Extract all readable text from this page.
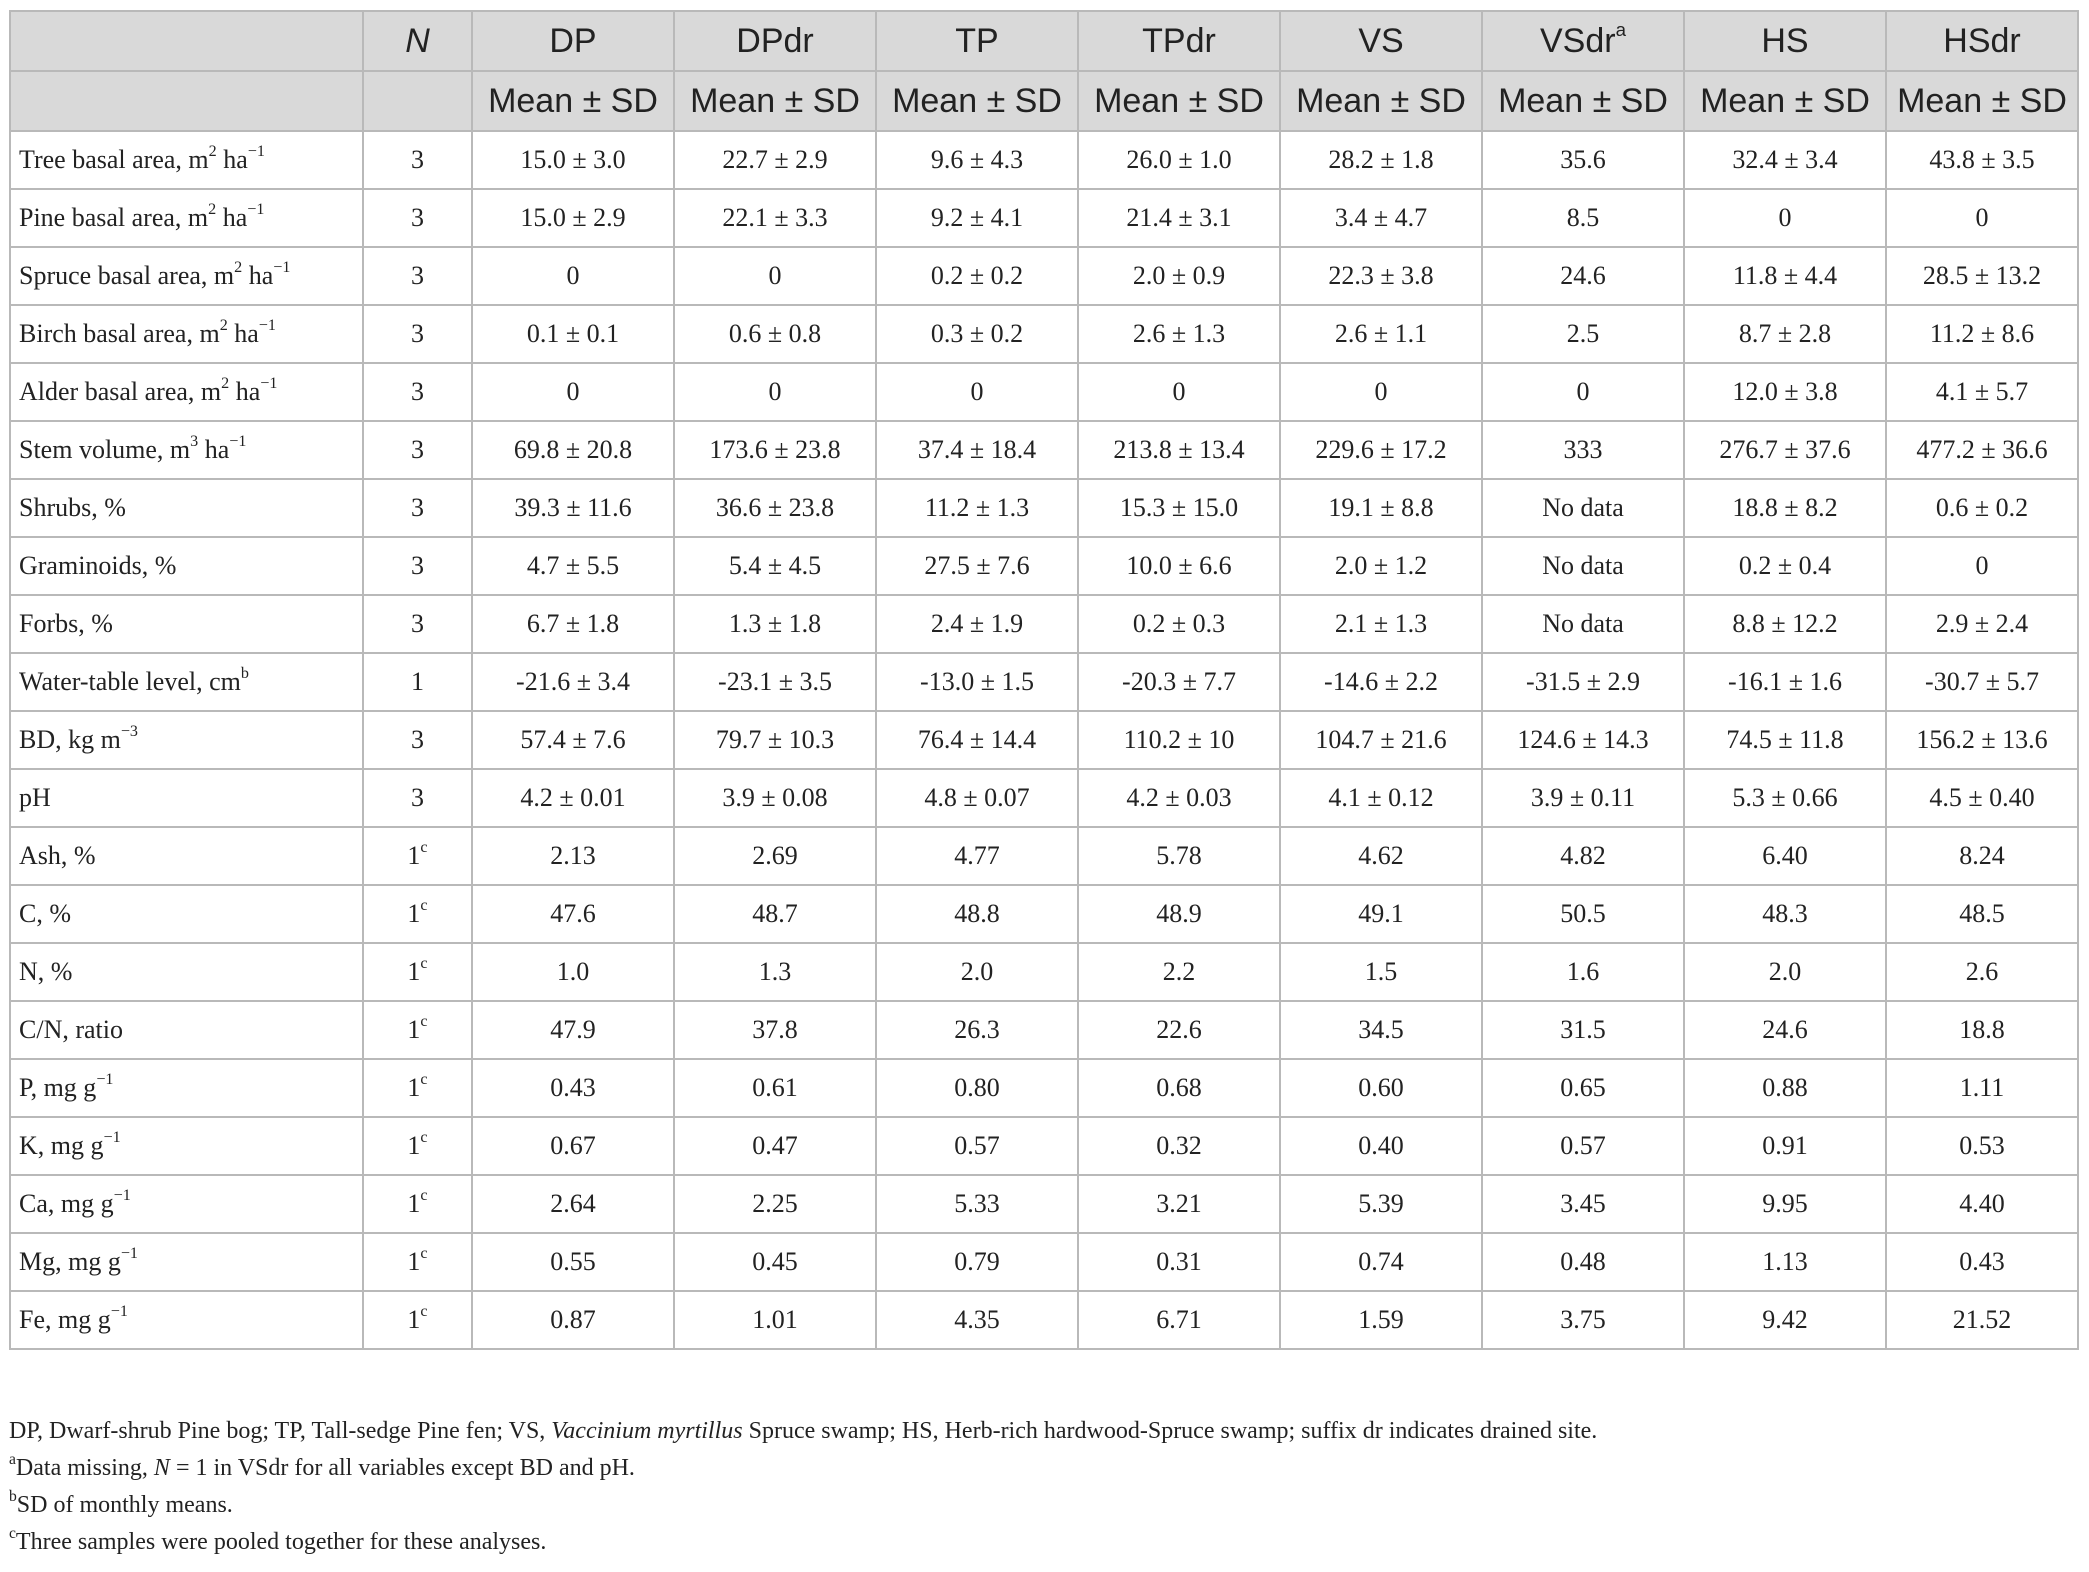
	N	DP	DPdr	TP	TPdr	VS	VSdr$^a$	HS	HSdr
		Mean ± SD	Mean ± SD	Mean ± SD	Mean ± SD	Mean ± SD	Mean ± SD	Mean ± SD	Mean ± SD
Tree basal area, $m^2$ $ha^{-1}$	3	15.0 ± 3.0	22.7 ± 2.9	9.6 ± 4.3	26.0 ± 1.0	28.2 ± 1.8	35.6	32.4 ± 3.4	43.8 ± 3.5
Pine basal area, $m^2$ $ha^{-1}$	3	15.0 ± 2.9	22.1 ± 3.3	9.2 ± 4.1	21.4 ± 3.1	3.4 ± 4.7	8.5	0	0
Spruce basal area, $m^2$ $ha^{-1}$	3	0	0	0.2 ± 0.2	2.0 ± 0.9	22.3 ± 3.8	24.6	11.8 ± 4.4	28.5 ± 13.2
Birch basal area, $m^2$ $ha^{-1}$	3	0.1 ± 0.1	0.6 ± 0.8	0.3 ± 0.2	2.6 ± 1.3	2.6 ± 1.1	2.5	8.7 ± 2.8	11.2 ± 8.6
Alder basal area, $m^2$ $ha^{-1}$	3	0	0	0	0	0	0	12.0 ± 3.8	4.1 ± 5.7
Stem volume, $m^3$ $ha^{-1}$	3	69.8 ± 20.8	173.6 ± 23.8	37.4 ± 18.4	213.8 ± 13.4	229.6 ± 17.2	333	276.7 ± 37.6	477.2 ± 36.6
Shrubs, %	3	39.3 ± 11.6	36.6 ± 23.8	11.2 ± 1.3	15.3 ± 15.0	19.1 ± 8.8	No data	18.8 ± 8.2	0.6 ± 0.2
Graminoids, %	3	4.7 ± 5.5	5.4 ± 4.5	27.5 ± 7.6	10.0 ± 6.6	2.0 ± 1.2	No data	0.2 ± 0.4	0
Forbs, %	3	6.7 ± 1.8	1.3 ± 1.8	2.4 ± 1.9	0.2 ± 0.3	2.1 ± 1.3	No data	8.8 ± 12.2	2.9 ± 2.4
Water-table level, $cm^b$	1	-21.6 ± 3.4	-23.1 ± 3.5	-13.0 ± 1.5	-20.3 ± 7.7	-14.6 ± 2.2	-31.5 ± 2.9	-16.1 ± 1.6	-30.7 ± 5.7
BD, kg $m^{-3}$	3	57.4 ± 7.6	79.7 ± 10.3	76.4 ± 14.4	110.2 ± 10	104.7 ± 21.6	124.6 ± 14.3	74.5 ± 11.8	156.2 ± 13.6
pH	3	4.2 ± 0.01	3.9 ± 0.08	4.8 ± 0.07	4.2 ± 0.03	4.1 ± 0.12	3.9 ± 0.11	5.3 ± 0.66	4.5 ± 0.40
Ash, %	1$^c$	2.13	2.69	4.77	5.78	4.62	4.82	6.40	8.24
C, %	1$^c$	47.6	48.7	48.8	48.9	49.1	50.5	48.3	48.5
N, %	1$^c$	1.0	1.3	2.0	2.2	1.5	1.6	2.0	2.6
C/N, ratio	1$^c$	47.9	37.8	26.3	22.6	34.5	31.5	24.6	18.8
P, mg $g^{-1}$	1$^c$	0.43	0.61	0.80	0.68	0.60	0.65	0.88	1.11
K, mg $g^{-1}$	1$^c$	0.67	0.47	0.57	0.32	0.40	0.57	0.91	0.53
Ca, mg $g^{-1}$	1$^c$	2.64	2.25	5.33	3.21	5.39	3.45	9.95	4.40
Mg, mg $g^{-1}$	1$^c$	0.55	0.45	0.79	0.31	0.74	0.48	1.13	0.43
Fe, mg $g^{-1}$	1$^c$	0.87	1.01	4.35	6.71	1.59	3.75	9.42	21.52
DP, Dwarf-shrub Pine bog; TP, Tall-sedge Pine fen; VS, Vaccinium myrtillus Spruce swamp; HS, Herb-rich hardwood-Spruce swamp; suffix dr indicates drained site.
$^a$Data missing, N = 1 in VSdr for all variables except BD and pH.
$^b$SD of monthly means.
$^c$Three samples were pooled together for these analyses.
